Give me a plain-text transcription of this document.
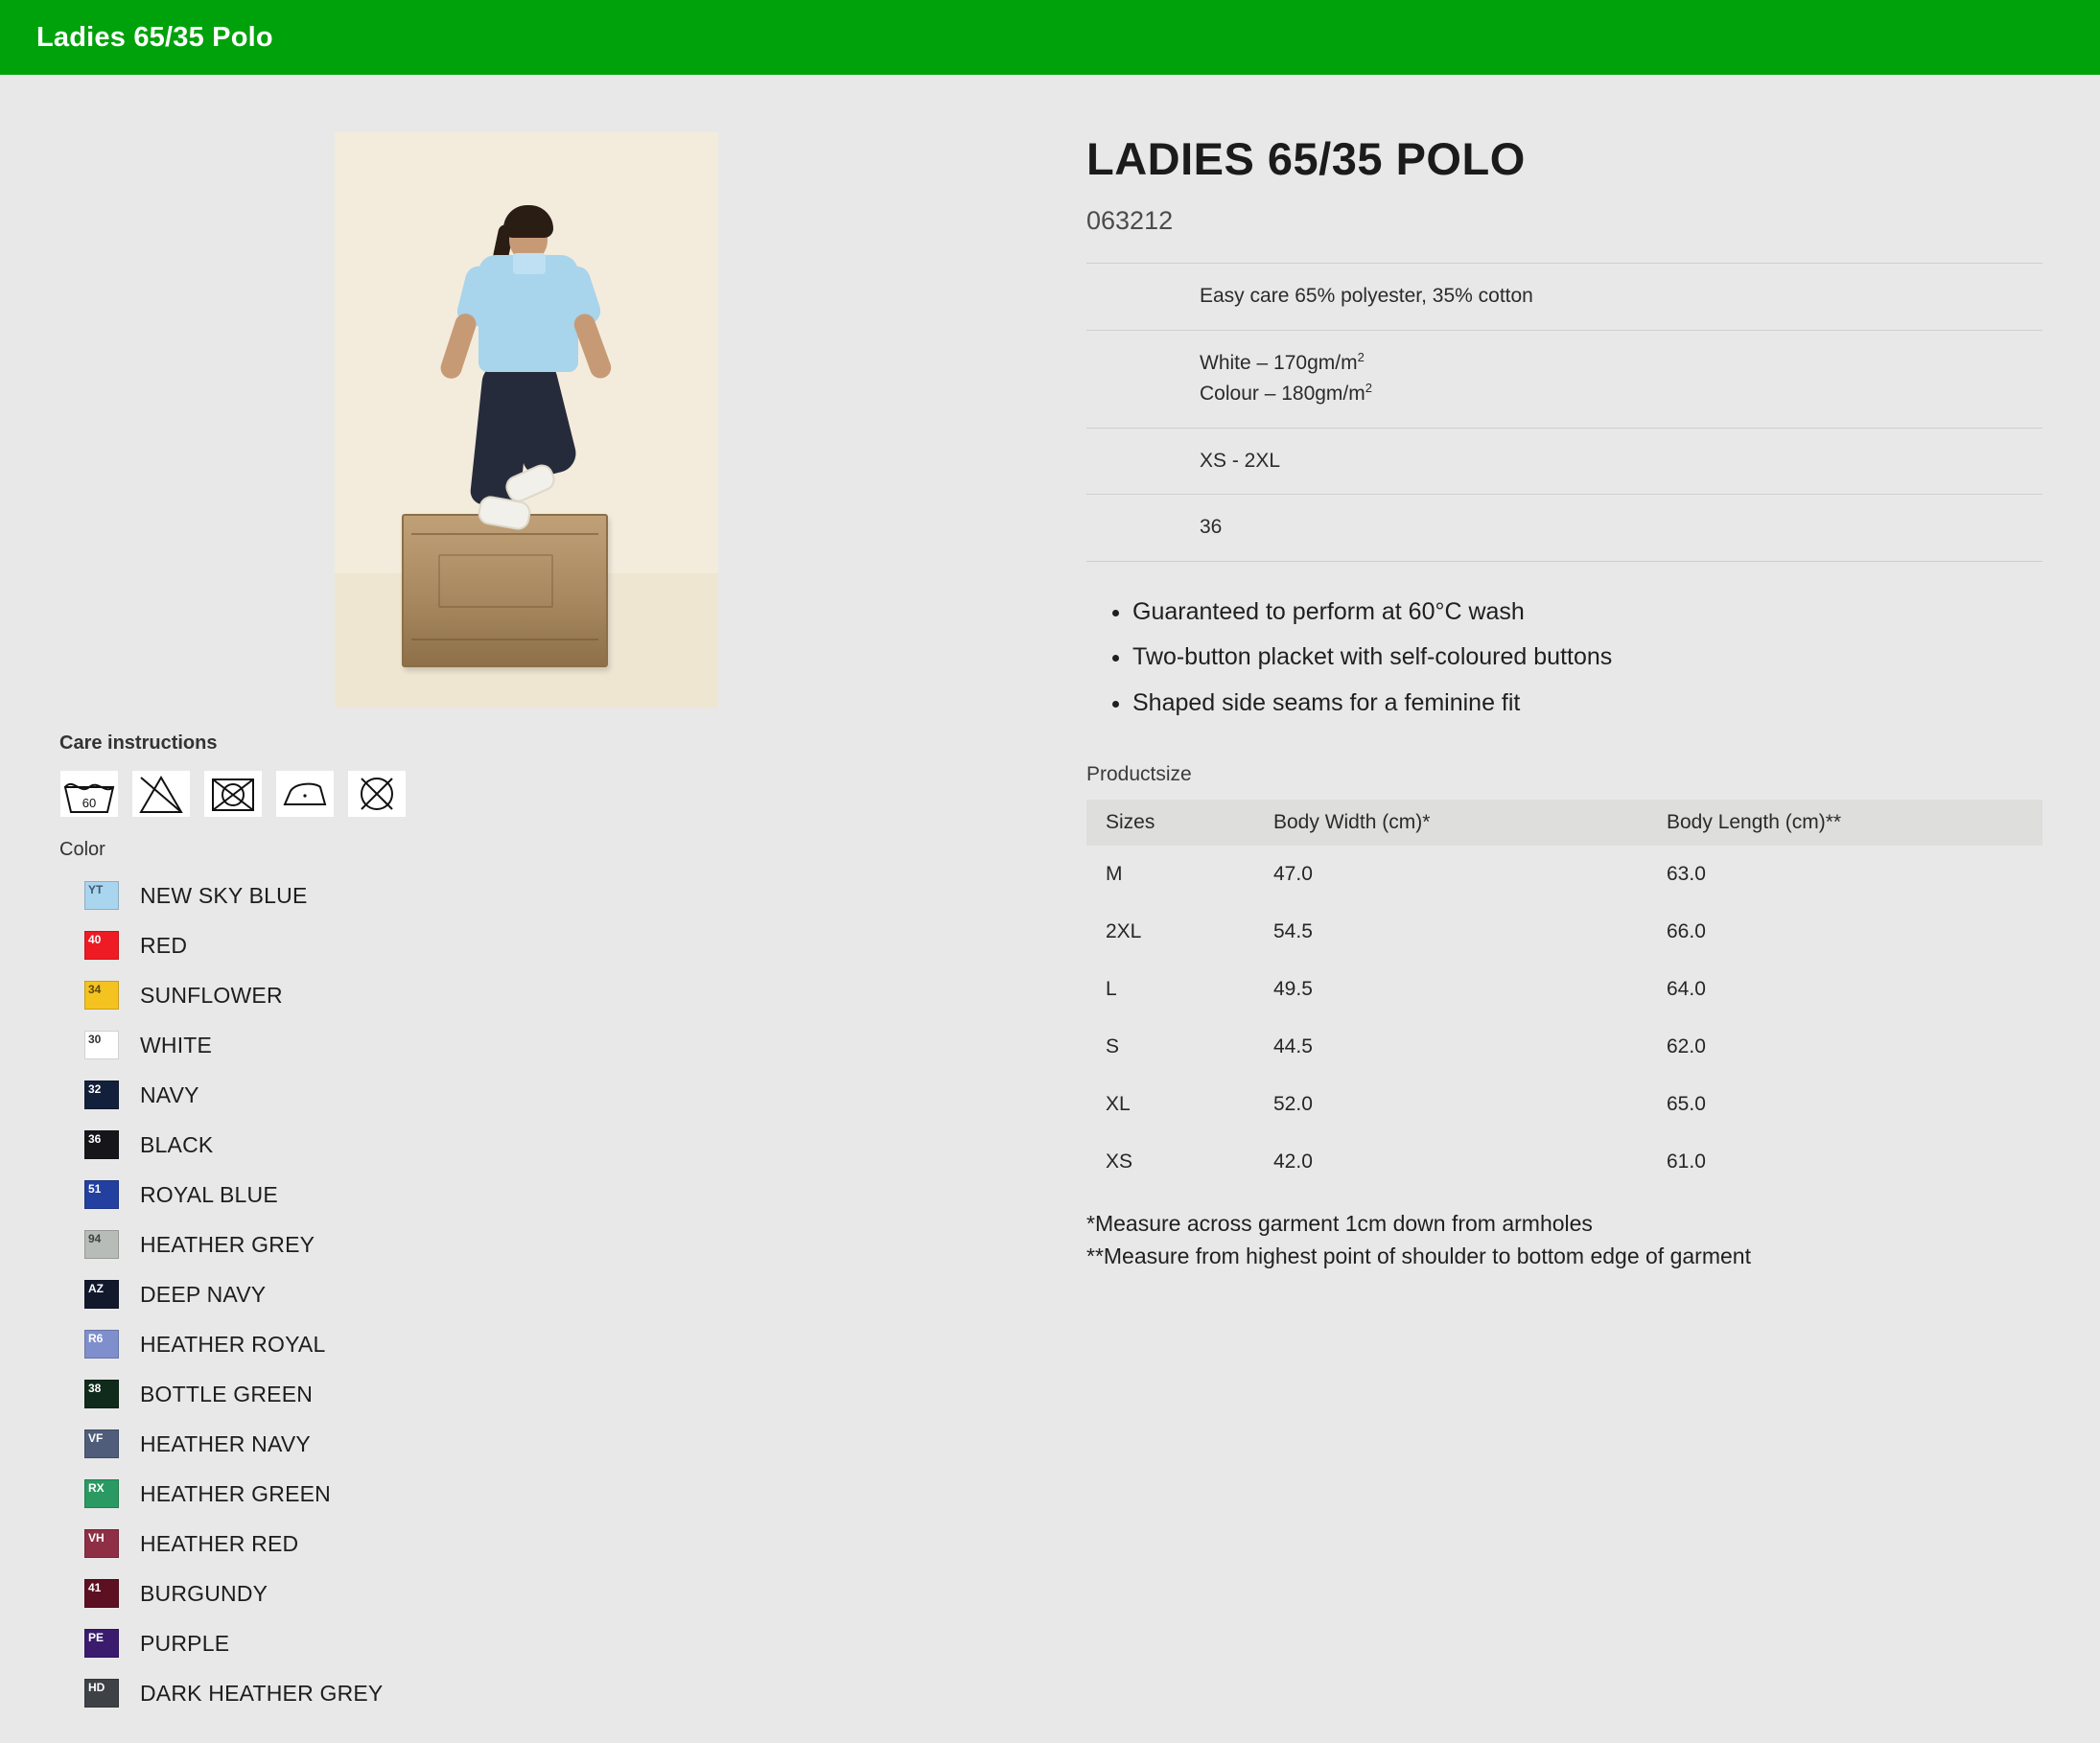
Ladies 65/35 Polo
Care instructions
60
Color
YT NEW SKY BLUE
40 RED
34 SUNFLOWER
30 WHITE
32 NAVY
36 BLACK
51 ROYAL BLUE
94 HEATHER GREY
AZ DEEP NAVY
R6 HEATHER ROYAL
38 BOTTLE GREEN
VF HEATHER NAVY
RX HEATHER GREEN
VH HEATHER RED
41 BURGUNDY
PE PURPLE
HD DARK HEATHER GREY
LADIES 65/35 POLO
063212
Easy care 65% polyester, 35% cotton

White – $170gm/m^2$
Colour – $180gm/m^2$

XS - 2XL

36
• Guaranteed to perform at 60°C wash
• Two-button placket with self-coloured buttons
• Shaped side seams for a feminine fit
Productsize
Sizes	Body Width (cm)*	Body Length (cm)**
M	47.0	63.0
2XL	54.5	66.0
L	49.5	64.0
S	44.5	62.0
XL	52.0	65.0
XS	42.0	61.0
*Measure across garment 1cm down from armholes
**Measure from highest point of shoulder to bottom edge of garment
